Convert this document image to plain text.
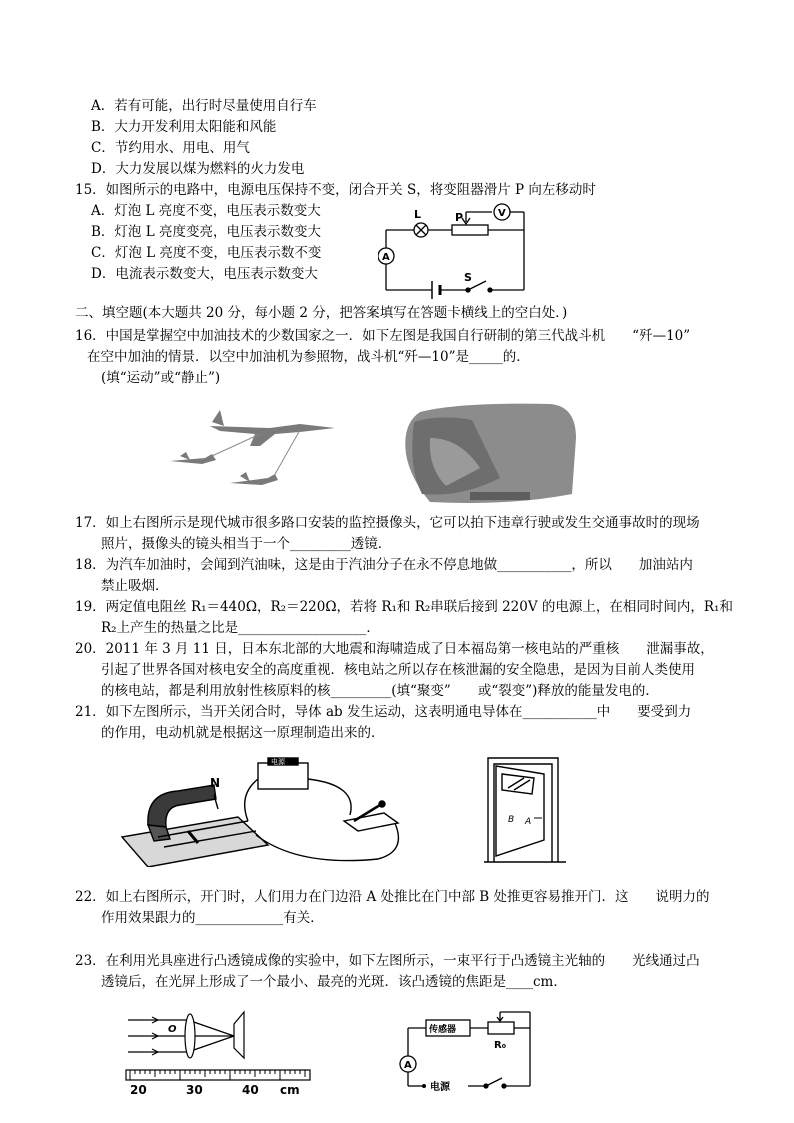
A．若有可能，出行时尽量使用自行车
B．大力开发利用太阳能和风能
C．节约用水、用电、用气
D．大力发展以煤为燃料的火力发电
15．如图所示的电路中，电源电压保持不变，闭合开关 S，将变阻器滑片 P 向左移动时
A．灯泡 L 亮度不变，电压表示数变大
B．灯泡 L 亮度变亮，电压表示数变大
C．灯泡 L 亮度不变，电压表示数不变
D．电流表示数变大，电压表示数变大
L	P	V
A
S
二、填空题(本大题共 20 分，每小题 2 分，把答案填写在答题卡横线上的空白处．)
16．中国是掌握空中加油技术的少数国家之一．如下左图是我国自行研制的第三代战斗机　　“歼—10”
在空中加油的情景．以空中加油机为参照物，战斗机“歼—10”是_____的．
(填“运动”或“静止”)
17．如上右图所示是现代城市很多路口安装的监控摄像头，它可以拍下违章行驶或发生交通事故时的现场
照片，摄像头的镜头相当于一个_________透镜．
18．为汽车加油时，会闻到汽油味，这是由于汽油分子在永不停息地做___________，所以　　加油站内
禁止吸烟．
19．两定值电阻丝 R₁＝440Ω，R₂＝220Ω，若将 R₁和 R₂串联后接到 220V 的电源上，在相同时间内，R₁和
R₂上产生的热量之比是___________________．
20．2011 年 3 月 11 日，日本东北部的大地震和海啸造成了日本福岛第一核电站的严重核　　泄漏事故，
引起了世界各国对核电安全的高度重视．核电站之所以存在核泄漏的安全隐患，是因为目前人类使用
的核电站，都是利用放射性核原料的核_________(填“聚变”　　或“裂变”)释放的能量发电的．
21．如下左图所示，当开关闭合时，导体 ab 发生运动，这表明通电导体在___________中　　要受到力
的作用，电动机就是根据这一原理制造出来的．
N
电源
B A
22．如上右图所示，开门时，人们用力在门边沿 A 处推比在门中部 B 处推更容易推开门．这　　说明力的
作用效果跟力的_____________有关．
23．在利用光具座进行凸透镜成像的实验中，如下左图所示，一束平行于凸透镜主光轴的　　光线通过凸
透镜后，在光屏上形成了一个最小、最亮的光斑．该凸透镜的焦距是____cm．
O
20	30	40 cm
传感器
R₀
A
电源
